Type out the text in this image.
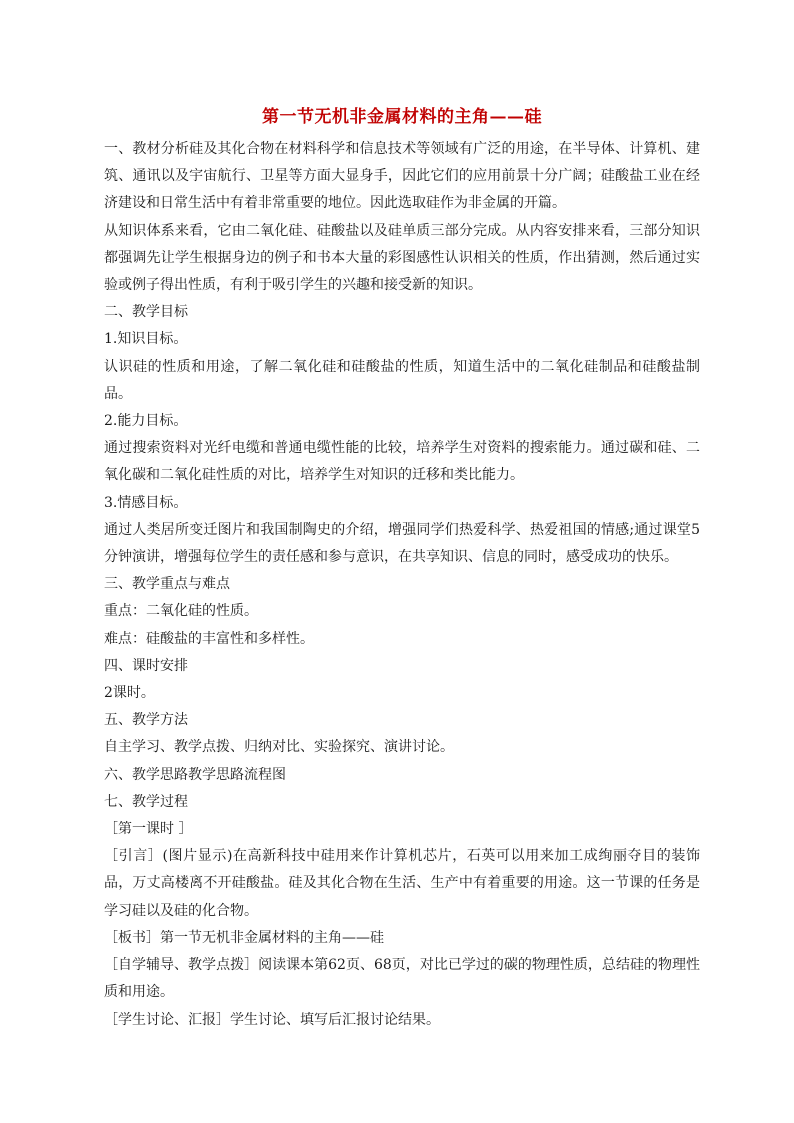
第一节无机非金属材料的主角——硅

一、教材分析硅及其化合物在材料科学和信息技术等领域有广泛的用途，在半导体、计算机、建筑、通讯以及宇宙航行、卫星等方面大显身手，因此它们的应用前景十分广阔；硅酸盐工业在经济建设和日常生活中有着非常重要的地位。因此选取硅作为非金属的开篇。

从知识体系来看，它由二氧化硅、硅酸盐以及硅单质三部分完成。从内容安排来看，三部分知识都强调先让学生根据身边的例子和书本大量的彩图感性认识相关的性质，作出猜测，然后通过实验或例子得出性质，有利于吸引学生的兴趣和接受新的知识。

二、教学目标

1.知识目标。

认识硅的性质和用途，了解二氧化硅和硅酸盐的性质，知道生活中的二氧化硅制品和硅酸盐制品。

2.能力目标。

通过搜索资料对光纤电缆和普通电缆性能的比较，培养学生对资料的搜索能力。通过碳和硅、二氧化碳和二氧化硅性质的对比，培养学生对知识的迁移和类比能力。

3.情感目标。

通过人类居所变迁图片和我国制陶史的介绍，增强同学们热爱科学、热爱祖国的情感;通过课堂5分钟演讲，增强每位学生的责任感和参与意识，在共享知识、信息的同时，感受成功的快乐。

三、教学重点与难点

重点：二氧化硅的性质。

难点：硅酸盐的丰富性和多样性。

四、课时安排

2课时。

五、教学方法

自主学习、教学点拨、归纳对比、实验探究、演讲讨论。

六、教学思路教学思路流程图

七、教学过程

［第一课时 ］

［引言］(图片显示)在高新科技中硅用来作计算机芯片，石英可以用来加工成绚丽夺目的装饰品，万丈高楼离不开硅酸盐。硅及其化合物在生活、生产中有着重要的用途。这一节课的任务是学习硅以及硅的化合物。

［板书］第一节无机非金属材料的主角——硅

［自学辅导、教学点拨］阅读课本第62页、68页，对比已学过的碳的物理性质，总结硅的物理性质和用途。

［学生讨论、汇报］学生讨论、填写后汇报讨论结果。
